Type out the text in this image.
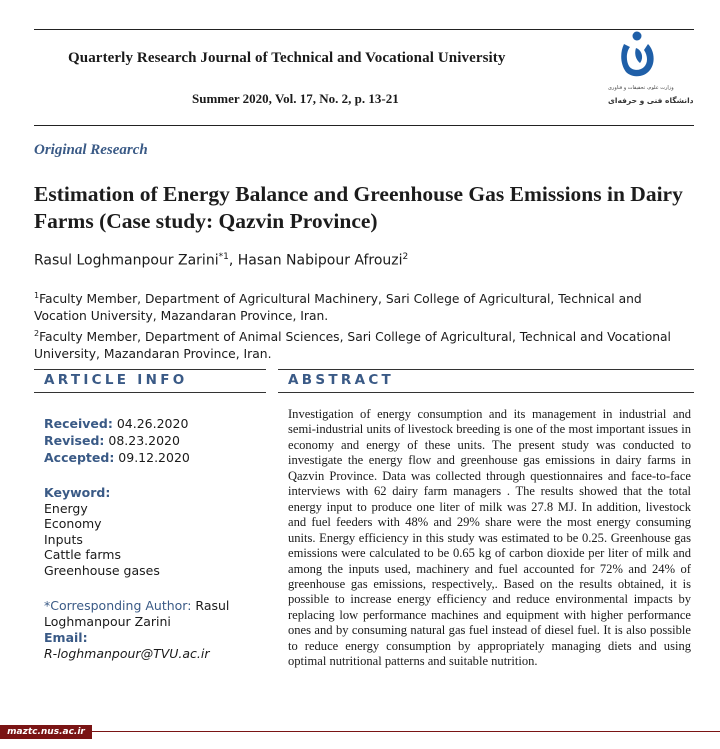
Quarterly Research Journal of Technical and Vocational University
Summer 2020, Vol. 17, No. 2, p. 13-21
وزارت علوم، تحقیقات و فناوری
دانشگاه فنی و حرفه‌ای
Original Research
Estimation of Energy Balance and Greenhouse Gas Emissions in Dairy Farms (Case study: Qazvin Province)
Rasul Loghmanpour Zarini$^{*1}$, Hasan Nabipour Afrouzi$^2$

$^1$Faculty Member, Department of Agricultural Machinery, Sari College of Agricultural, Technical and Vocation University, Mazandaran Province, Iran.

$^2$Faculty Member, Department of Animal Sciences, Sari College of Agricultural, Technical and Vocational University, Mazandaran Province, Iran.

ARTICLE INFO	ABSTRACT
Received: 04.26.2020
Revised: 08.23.2020
Accepted: 09.12.2020
Keyword:
Energy
Economy
Inputs
Cattle farms
Greenhouse gases
*Corresponding Author: Rasul Loghmanpour Zarini
Email:
R-loghmanpour@TVU.ac.ir
Investigation of energy consumption and its management in industrial and semi-industrial units of livestock breeding is one of the most important issues in economy and energy of these units. The present study was conducted to investigate the energy flow and greenhouse gas emissions in dairy farms in Qazvin Province. Data was collected through questionnaires and face-to-face interviews with 62 dairy farm managers . The results showed that the total energy input to produce one liter of milk was 27.8 MJ. In addition, livestock and fuel feeders with 48% and 29% share were the most energy consuming units. Energy efficiency in this study was estimated to be 0.25. Greenhouse gas emissions were calculated to be 0.65 kg of carbon dioxide per liter of milk and among the inputs used, machinery and fuel accounted for 72% and 24% of greenhouse gas emissions, respectively,. Based on the results obtained, it is possible to increase energy efficiency and reduce environmental impacts by replacing low performance machines and equipment with higher performance ones and by consuming natural gas fuel instead of diesel fuel. It is also possible to reduce energy consumption by appropriately managing diets and using optimal nutritional patterns and suitable nutrition.
maztc.nus.ac.ir
